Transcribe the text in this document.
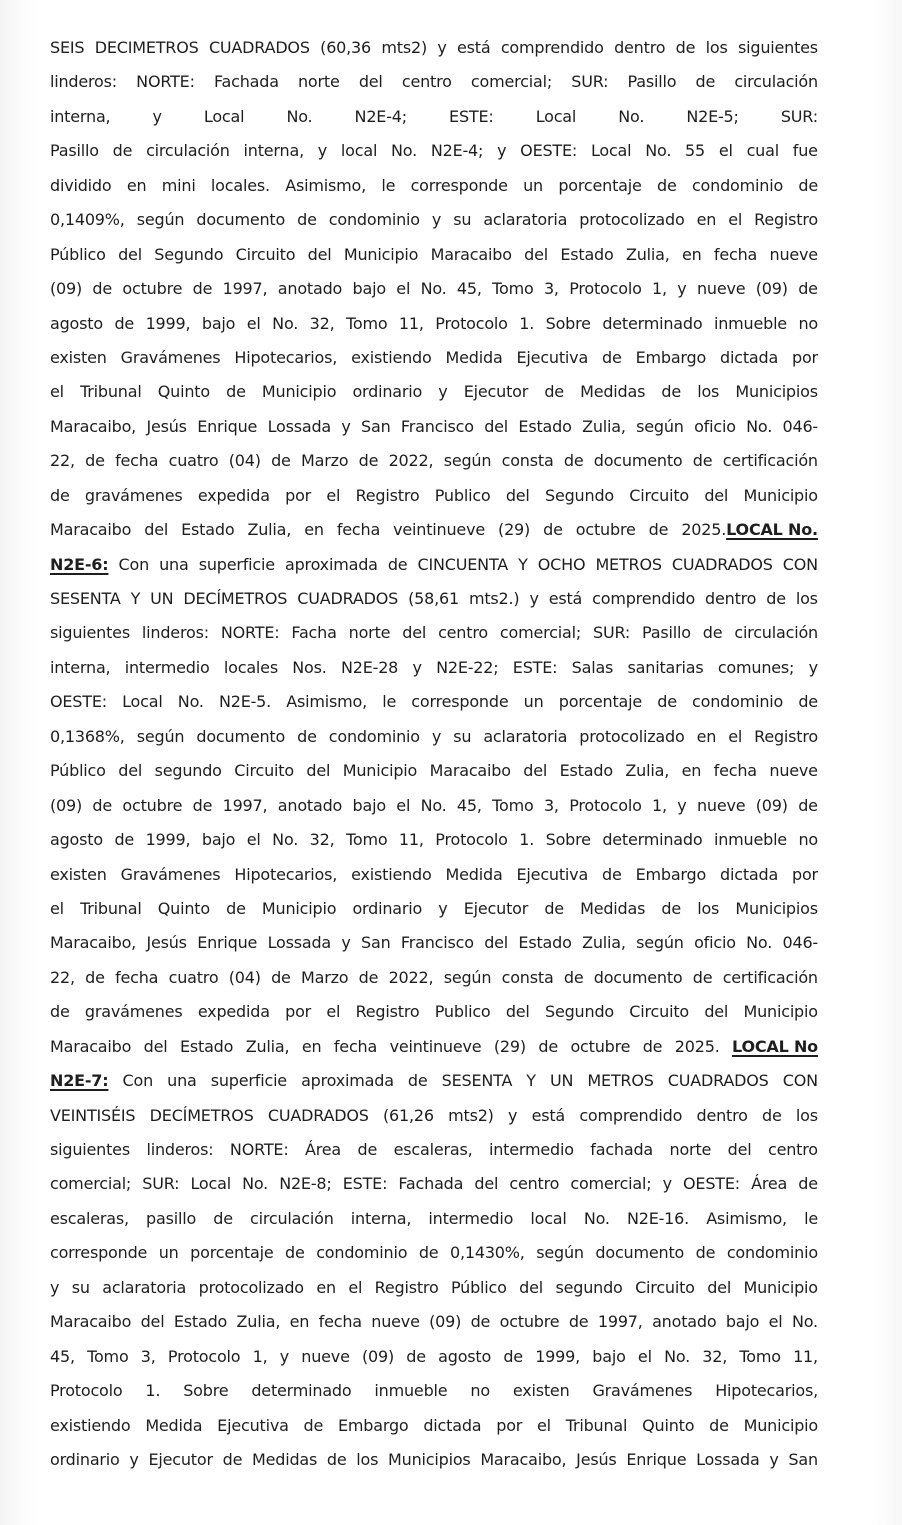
SEIS DECIMETROS CUADRADOS (60,36 mts2) y está comprendido dentro de los siguientes
linderos: NORTE: Fachada norte del centro comercial; SUR: Pasillo de circulación
interna,	y	Local	No.	N2E-4;	ESTE:	Local	No.	N2E-5;	SUR:
Pasillo de circulación interna, y local No. N2E-4; y OESTE: Local No. 55 el cual fue
dividido en mini locales. Asimismo, le corresponde un porcentaje de condominio de
0,1409%, según documento de condominio y su aclaratoria protocolizado en el Registro
Público del Segundo Circuito del Municipio Maracaibo del Estado Zulia, en fecha nueve
(09) de octubre de 1997, anotado bajo el No. 45, Tomo 3, Protocolo 1, y nueve (09) de
agosto de 1999, bajo el No. 32, Tomo 11, Protocolo 1. Sobre determinado inmueble no
existen Gravámenes Hipotecarios, existiendo Medida Ejecutiva de Embargo dictada por
el Tribunal Quinto de Municipio ordinario y Ejecutor de Medidas de los Municipios
Maracaibo, Jesús Enrique Lossada y San Francisco del Estado Zulia, según oficio No. 046-
22, de fecha cuatro (04) de Marzo de 2022, según consta de documento de certificación
de gravámenes expedida por el Registro Publico del Segundo Circuito del Municipio
Maracaibo del Estado Zulia, en fecha veintinueve (29) de octubre de 2025.LOCAL No.
N2E-6: Con una superficie aproximada de CINCUENTA Y OCHO METROS CUADRADOS CON
SESENTA Y UN DECÍMETROS CUADRADOS (58,61 mts2.) y está comprendido dentro de los
siguientes linderos: NORTE: Facha norte del centro comercial; SUR: Pasillo de circulación
interna, intermedio locales Nos. N2E-28 y N2E-22; ESTE: Salas sanitarias comunes; y
OESTE: Local No. N2E-5. Asimismo, le corresponde un porcentaje de condominio de
0,1368%, según documento de condominio y su aclaratoria protocolizado en el Registro
Público del segundo Circuito del Municipio Maracaibo del Estado Zulia, en fecha nueve
(09) de octubre de 1997, anotado bajo el No. 45, Tomo 3, Protocolo 1, y nueve (09) de
agosto de 1999, bajo el No. 32, Tomo 11, Protocolo 1. Sobre determinado inmueble no
existen Gravámenes Hipotecarios, existiendo Medida Ejecutiva de Embargo dictada por
el Tribunal Quinto de Municipio ordinario y Ejecutor de Medidas de los Municipios
Maracaibo, Jesús Enrique Lossada y San Francisco del Estado Zulia, según oficio No. 046-
22, de fecha cuatro (04) de Marzo de 2022, según consta de documento de certificación
de gravámenes expedida por el Registro Publico del Segundo Circuito del Municipio
Maracaibo del Estado Zulia, en fecha veintinueve (29) de octubre de 2025. LOCAL No
N2E-7: Con una superficie aproximada de SESENTA Y UN METROS CUADRADOS CON
VEINTISÉIS DECÍMETROS CUADRADOS (61,26 mts2) y está comprendido dentro de los
siguientes linderos: NORTE: Área de escaleras, intermedio fachada norte del centro
comercial; SUR: Local No. N2E-8; ESTE: Fachada del centro comercial; y OESTE: Área de
escaleras, pasillo de circulación interna, intermedio local No. N2E-16. Asimismo, le
corresponde un porcentaje de condominio de 0,1430%, según documento de condominio
y su aclaratoria protocolizado en el Registro Público del segundo Circuito del Municipio
Maracaibo del Estado Zulia, en fecha nueve (09) de octubre de 1997, anotado bajo el No.
45, Tomo 3, Protocolo 1, y nueve (09) de agosto de 1999, bajo el No. 32, Tomo 11,
Protocolo 1. Sobre determinado inmueble no existen Gravámenes Hipotecarios,
existiendo Medida Ejecutiva de Embargo dictada por el Tribunal Quinto de Municipio
ordinario y Ejecutor de Medidas de los Municipios Maracaibo, Jesús Enrique Lossada y San
